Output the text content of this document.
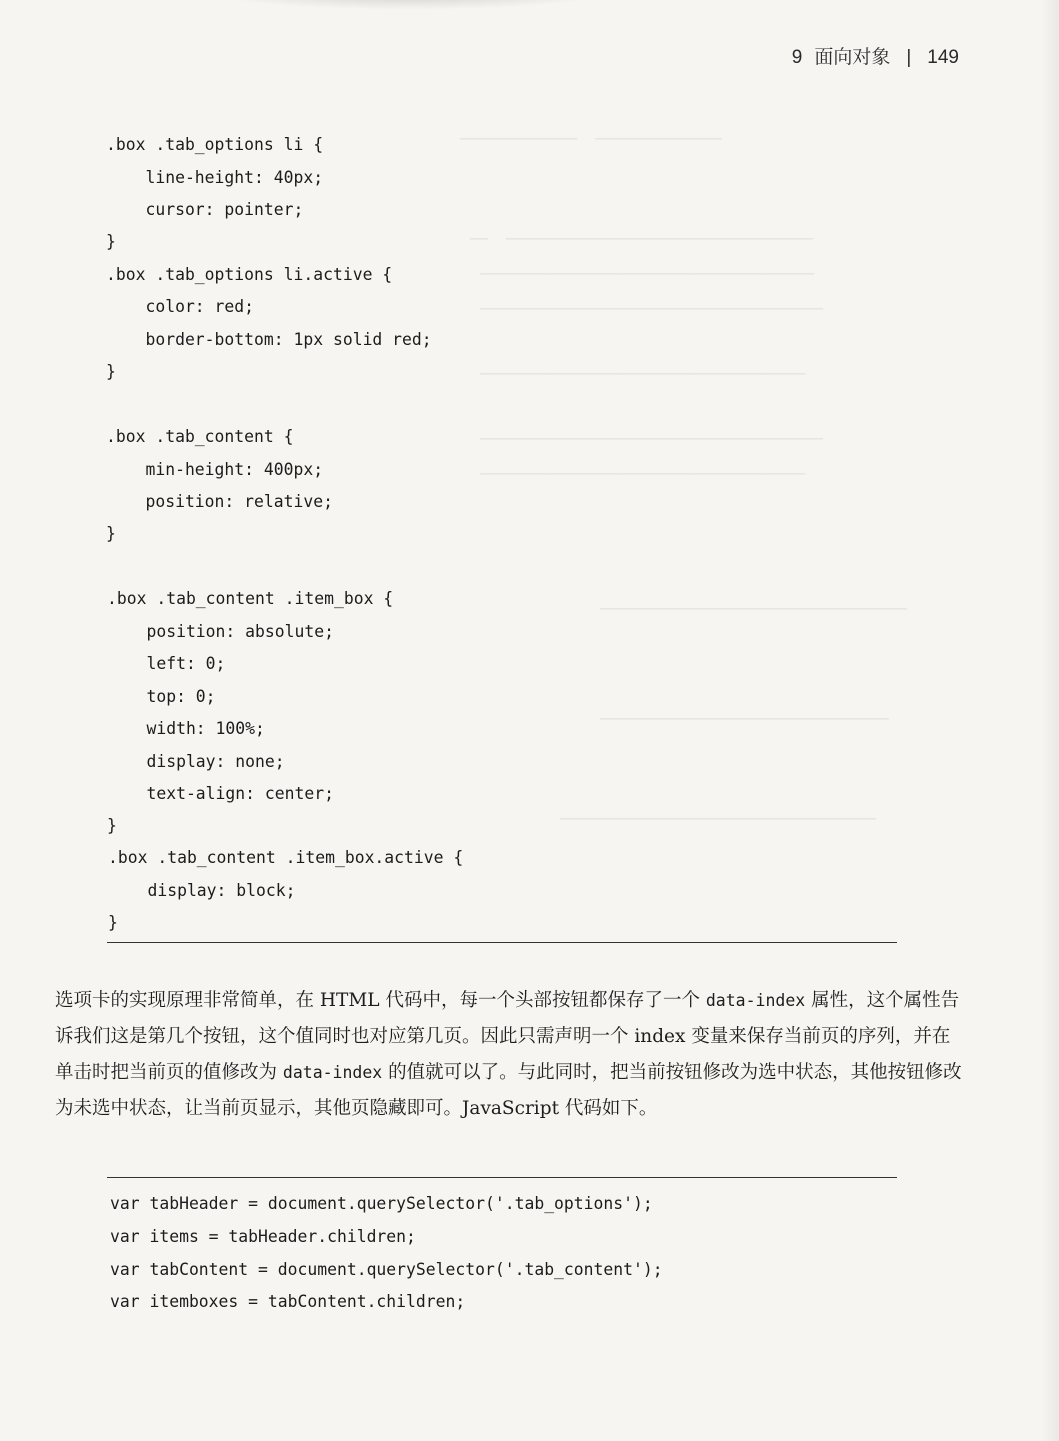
──────────────  ─────────────
──────────────────────────────────  ──
─────────────────────────────────────
──────────────────────────────────────
────────────────────────────────────
──────────────────────────────────────
────────────────────────────────────
──────────────────────────────────
────────────────────────────────
───────────────────────────────────
9 面向对象 | 149
.box .tab_options li {
line-height: 40px;
cursor: pointer;
}
.box .tab_options li.active {
color: red;
border-bottom: 1px solid red;
}
.box .tab_content {
min-height: 400px;
position: relative;
}
.box .tab_content .item_box {
position: absolute;
left: 0;
top: 0;
width: 100%;
display: none;
text-align: center;
}
.box .tab_content .item_box.active {
display: block;
}
选项卡的实现原理非常简单，在 HTML 代码中，每一个头部按钮都保存了一个 data-index 属性，这个属性告诉我们这是第几个按钮，这个值同时也对应第几页。因此只需声明一个 index 变量来保存当前页的序列，并在单击时把当前页的值修改为 data-index 的值就可以了。与此同时，把当前按钮修改为选中状态，其他按钮修改为未选中状态，让当前页显示，其他页隐藏即可。JavaScript 代码如下。
var tabHeader = document.querySelector('.tab_options');
var items = tabHeader.children;
var tabContent = document.querySelector('.tab_content');
var itemboxes = tabContent.children;
